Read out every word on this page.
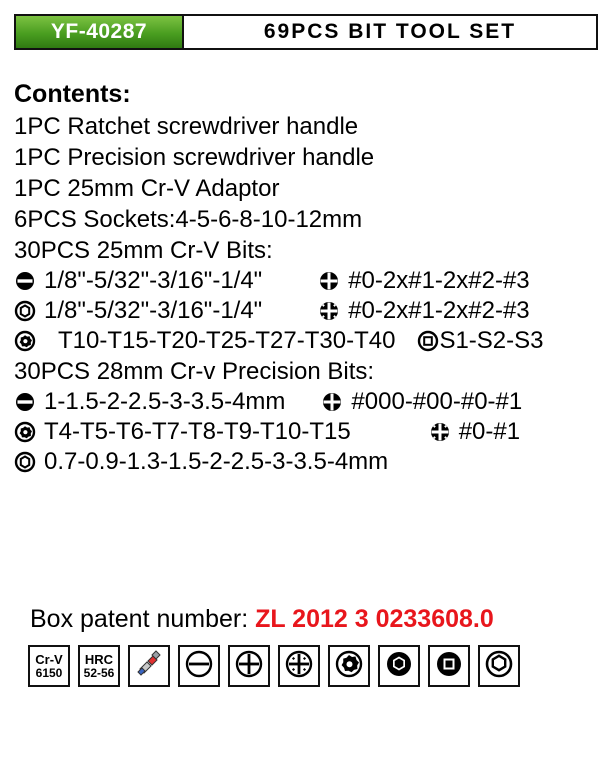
YF-40287	69PCS BIT TOOL SET
Contents:
1PC Ratchet screwdriver handle
1PC Precision screwdriver handle
1PC 25mm Cr-V Adaptor
6PCS Sockets:4-5-6-8-10-12mm
30PCS 25mm Cr-V Bits:
1/8"-5/32"-3/16"-1/4"	#0-2x#1-2x#2-#3
1/8"-5/32"-3/16"-1/4"	#0-2x#1-2x#2-#3
T10-T15-T20-T25-T27-T30-T40 S1-S2-S3
30PCS 28mm Cr-v Precision Bits:
1-1.5-2-2.5-3-3.5-4mm	#000-#00-#0-#1
T4-T5-T6-T7-T8-T9-T10-T15	#0-#1
0.7-0.9-1.3-1.5-2-2.5-3-3.5-4mm
Box patent number: ZL 2012 3 0233608.0
Cr-V
6150
HRC
52-56
